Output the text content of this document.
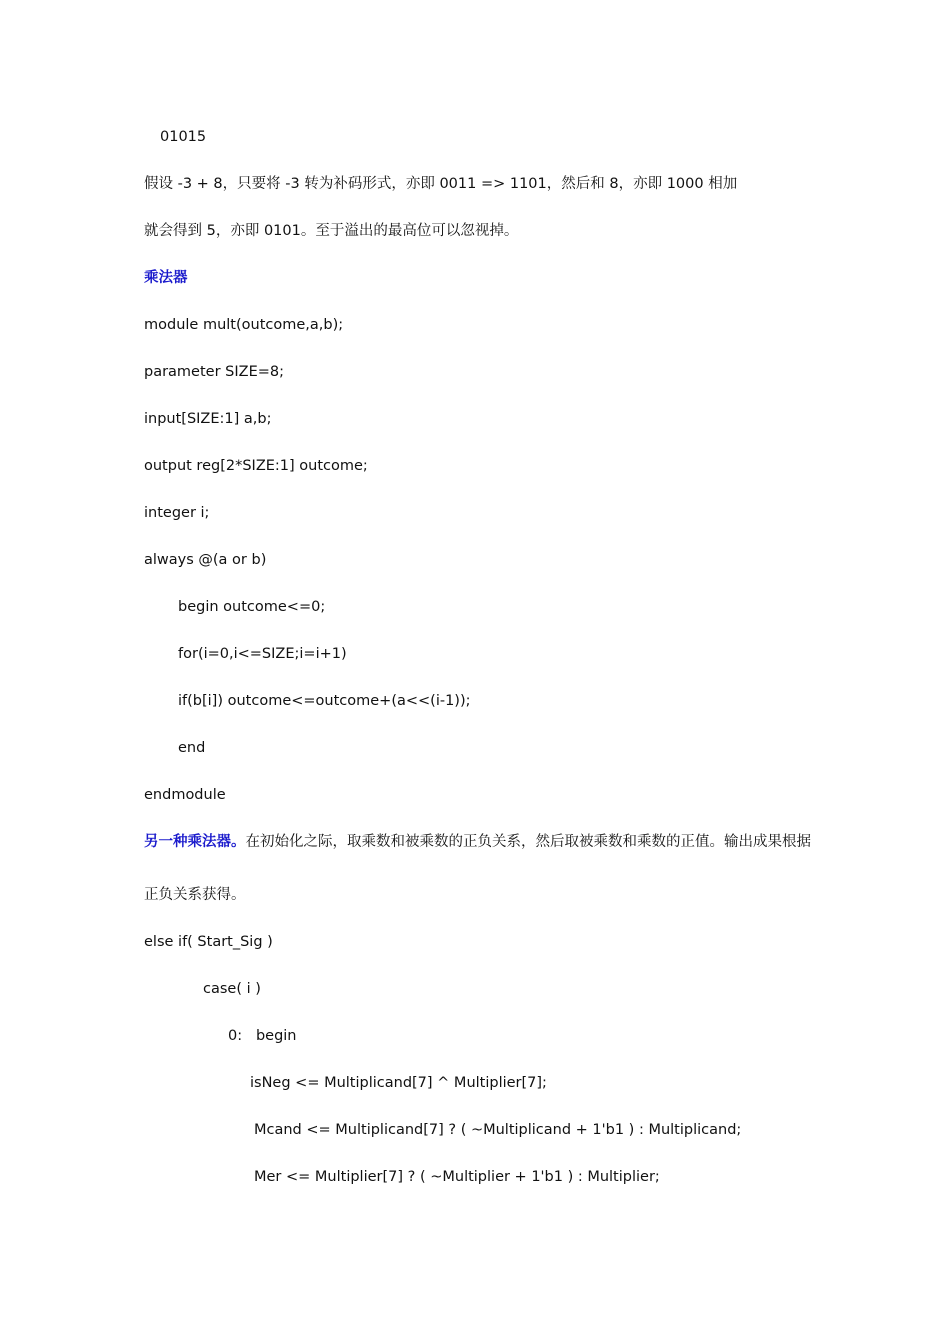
01015
假设 -3 + 8，只要将 -3 转为补码形式，亦即 0011 => 1101，然后和 8，亦即 1000 相加
就会得到 5，亦即 0101。至于溢出的最高位可以忽视掉。
乘法器
module mult(outcome,a,b);
parameter SIZE=8;
input[SIZE:1] a,b;
output reg[2*SIZE:1] outcome;
integer i;
always @(a or b)
begin outcome<=0;
for(i=0,i<=SIZE;i=i+1)
if(b[i]) outcome<=outcome+(a<<(i-1));
end
endmodule
另一种乘法器。在初始化之际，取乘数和被乘数的正负关系，然后取被乘数和乘数的正值。输出成果根据
正负关系获得。
else if( Start_Sig )
case( i )
0:   begin
isNeg <= Multiplicand[7] ^ Multiplier[7];
Mcand <= Multiplicand[7] ? ( ~Multiplicand + 1'b1 ) : Multiplicand;
Mer <= Multiplier[7] ? ( ~Multiplier + 1'b1 ) : Multiplier;
